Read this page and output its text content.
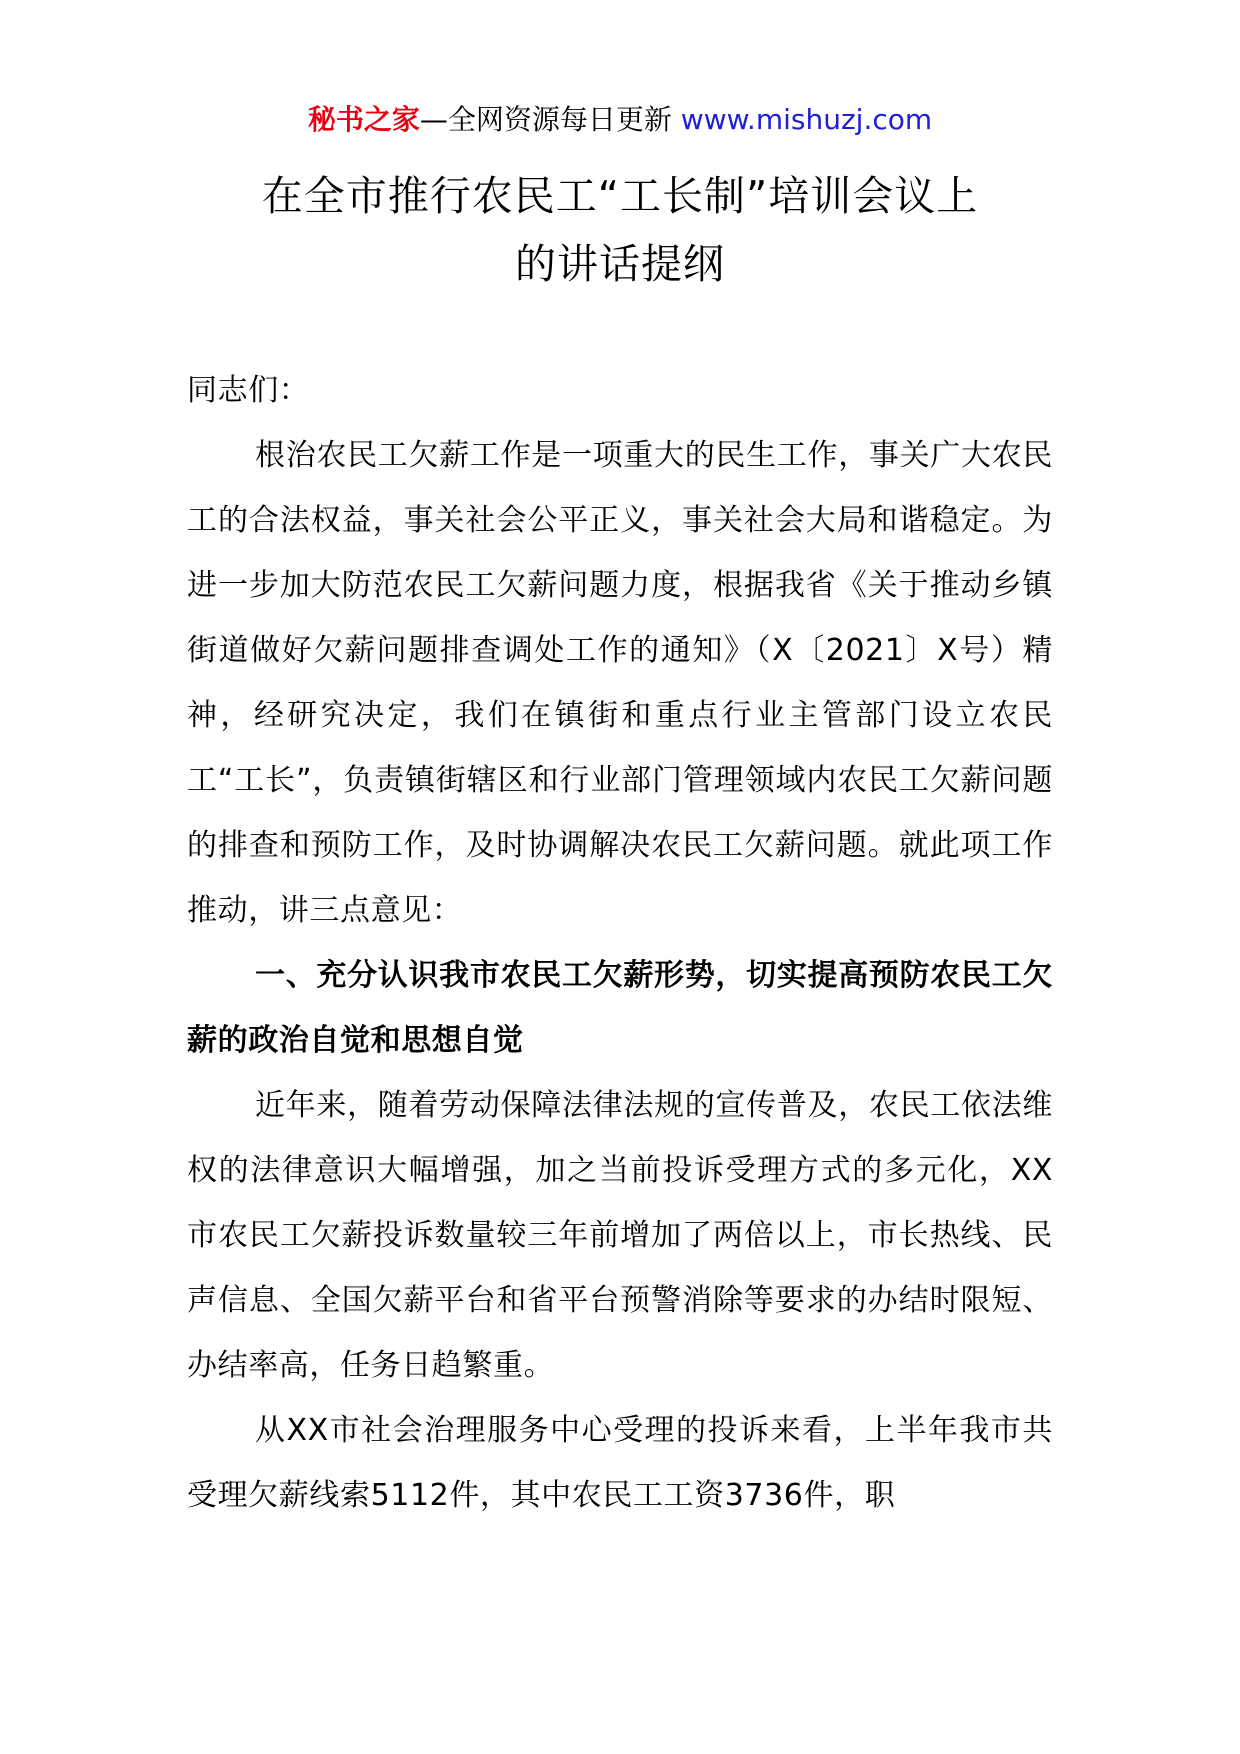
秘书之家—全网资源每日更新 www.mishuzj.com
在全市推行农民工“工长制”培训会议上
的讲话提纲

同志们：

根治农民工欠薪工作是一项重大的民生工作，事关广大农民工的合法权益，事关社会公平正义，事关社会大局和谐稳定。为进一步加大防范农民工欠薪问题力度，根据我省《关于推动乡镇街道做好欠薪问题排查调处工作的通知》（X〔2021〕X号）精神，经研究决定，我们在镇街和重点行业主管部门设立农民工“工长”，负责镇街辖区和行业部门管理领域内农民工欠薪问题的排查和预防工作，及时协调解决农民工欠薪问题。就此项工作推动，讲三点意见：

一、充分认识我市农民工欠薪形势，切实提高预防农民工欠薪的政治自觉和思想自觉

近年来，随着劳动保障法律法规的宣传普及，农民工依法维权的法律意识大幅增强，加之当前投诉受理方式的多元化，XX市农民工欠薪投诉数量较三年前增加了两倍以上，市长热线、民声信息、全国欠薪平台和省平台预警消除等要求的办结时限短、办结率高，任务日趋繁重。

从XX市社会治理服务中心受理的投诉来看，上半年我市共受理欠薪线索5112件，其中农民工工资3736件，职
